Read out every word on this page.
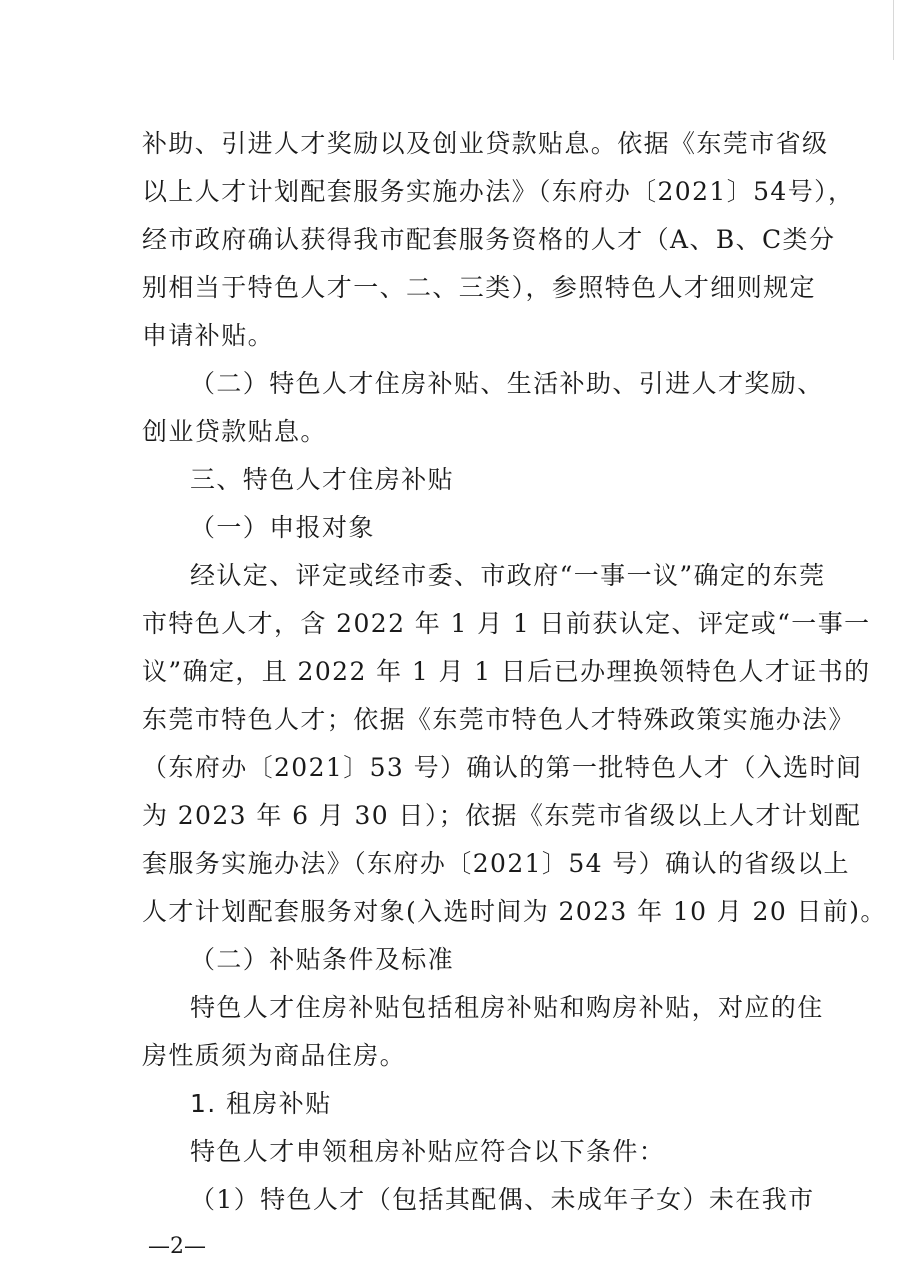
补助、引进人才奖励以及创业贷款贴息。依据《东莞市省级
以上人才计划配套服务实施办法》（东府办〔2021〕54号），
经市政府确认获得我市配套服务资格的人才（A、B、C类分
别相当于特色人才一、二、三类），参照特色人才细则规定
申请补贴。
（二）特色人才住房补贴、生活补助、引进人才奖励、
创业贷款贴息。
三、特色人才住房补贴
（一）申报对象
经认定、评定或经市委、市政府“一事一议”确定的东莞
市特色人才，含 2022 年 1 月 1 日前获认定、评定或“一事一
议”确定，且 2022 年 1 月 1 日后已办理换领特色人才证书的
东莞市特色人才；依据《东莞市特色人才特殊政策实施办法》
（东府办〔2021〕53 号）确认的第一批特色人才（入选时间
为 2023 年 6 月 30 日）；依据《东莞市省级以上人才计划配
套服务实施办法》（东府办〔2021〕54 号）确认的省级以上
人才计划配套服务对象(入选时间为 2023 年 10 月 20 日前)。
（二）补贴条件及标准
特色人才住房补贴包括租房补贴和购房补贴，对应的住
房性质须为商品住房。
1. 租房补贴
特色人才申领租房补贴应符合以下条件：
（1）特色人才（包括其配偶、未成年子女）未在我市
—2—
